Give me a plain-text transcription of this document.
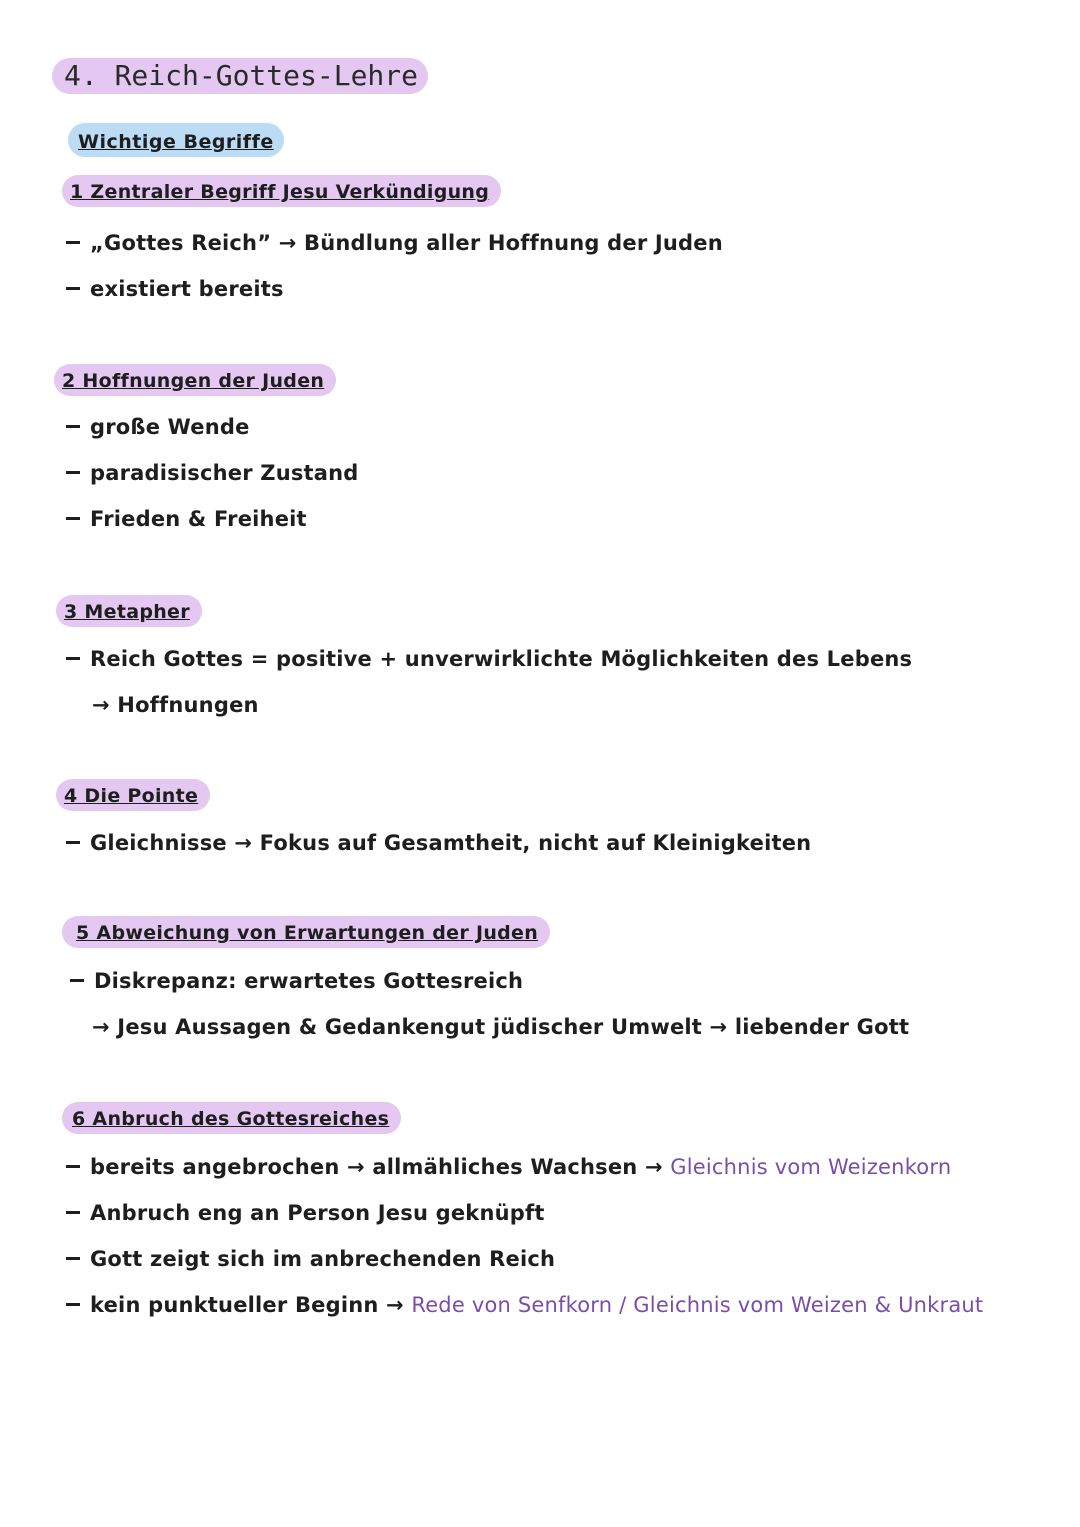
4. Reich-Gottes-Lehre
Wichtige Begriffe
1 Zentraler Begriff Jesu Verkündigung
„Gottes Reich” → Bündlung aller Hoffnung der Juden
existiert bereits
2 Hoffnungen der Juden
große Wende
paradisischer Zustand
Frieden & Freiheit
3 Metapher
Reich Gottes = positive + unverwirklichte Möglichkeiten des Lebens
→ Hoffnungen
4 Die Pointe
Gleichnisse → Fokus auf Gesamtheit, nicht auf Kleinigkeiten
5 Abweichung von Erwartungen der Juden
Diskrepanz: erwartetes Gottesreich
→ Jesu Aussagen & Gedankengut jüdischer Umwelt → liebender Gott
6 Anbruch des Gottesreiches
bereits angebrochen → allmähliches Wachsen → Gleichnis vom Weizenkorn
Anbruch eng an Person Jesu geknüpft
Gott zeigt sich im anbrechenden Reich
kein punktueller Beginn → Rede von Senfkorn / Gleichnis vom Weizen & Unkraut
